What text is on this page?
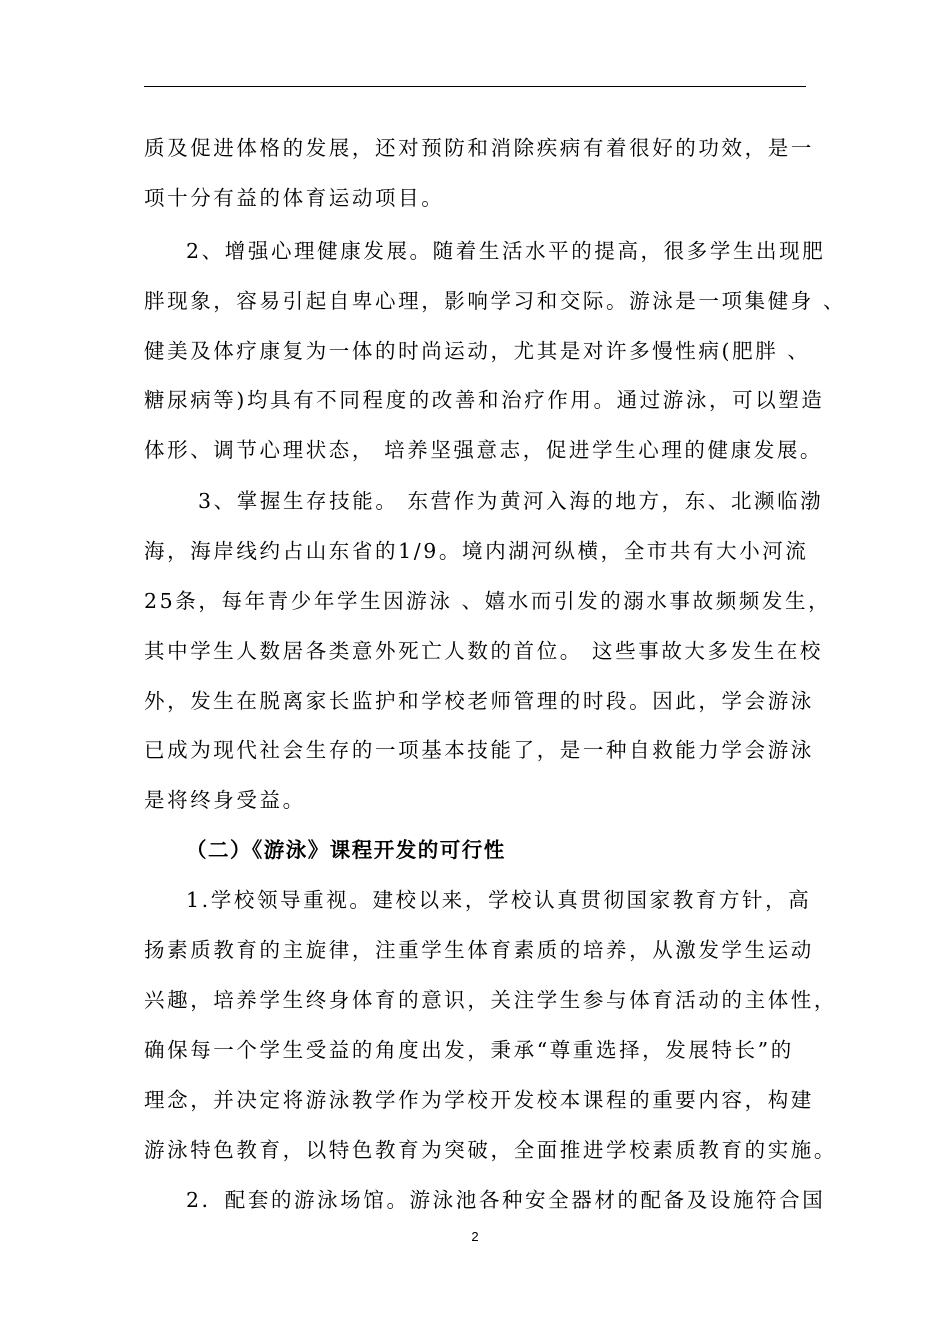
质及促进体格的发展，还对预防和消除疾病有着很好的功效，是一
项十分有益的体育运动项目。
2、增强心理健康发展。随着生活水平的提高，很多学生出现肥
胖现象，容易引起自卑心理，影响学习和交际。游泳是一项集健身 、
健美及体疗康复为一体的时尚运动，尤其是对许多慢性病(肥胖 、
糖尿病等)均具有不同程度的改善和治疗作用。通过游泳，可以塑造
体形、调节心理状态， 培养坚强意志，促进学生心理的健康发展。
3、掌握生存技能。 东营作为黄河入海的地方，东、北濒临渤
海，海岸线约占山东省的1/9。境内湖河纵横，全市共有大小河流
25条，每年青少年学生因游泳 、嬉水而引发的溺水事故频频发生，
其中学生人数居各类意外死亡人数的首位。 这些事故大多发生在校
外，发生在脱离家长监护和学校老师管理的时段。因此，学会游泳
已成为现代社会生存的一项基本技能了，是一种自救能力学会游泳
是将终身受益。
（二）《游泳》课程开发的可行性
1.学校领导重视。建校以来，学校认真贯彻国家教育方针，高
扬素质教育的主旋律，注重学生体育素质的培养，从激发学生运动
兴趣，培养学生终身体育的意识，关注学生参与体育活动的主体性，
确保每一个学生受益的角度出发，秉承“尊重选择，发展特长”的
理念，并决定将游泳教学作为学校开发校本课程的重要内容，构建
游泳特色教育，以特色教育为突破，全面推进学校素质教育的实施。
2．配套的游泳场馆。游泳池各种安全器材的配备及设施符合国
2
